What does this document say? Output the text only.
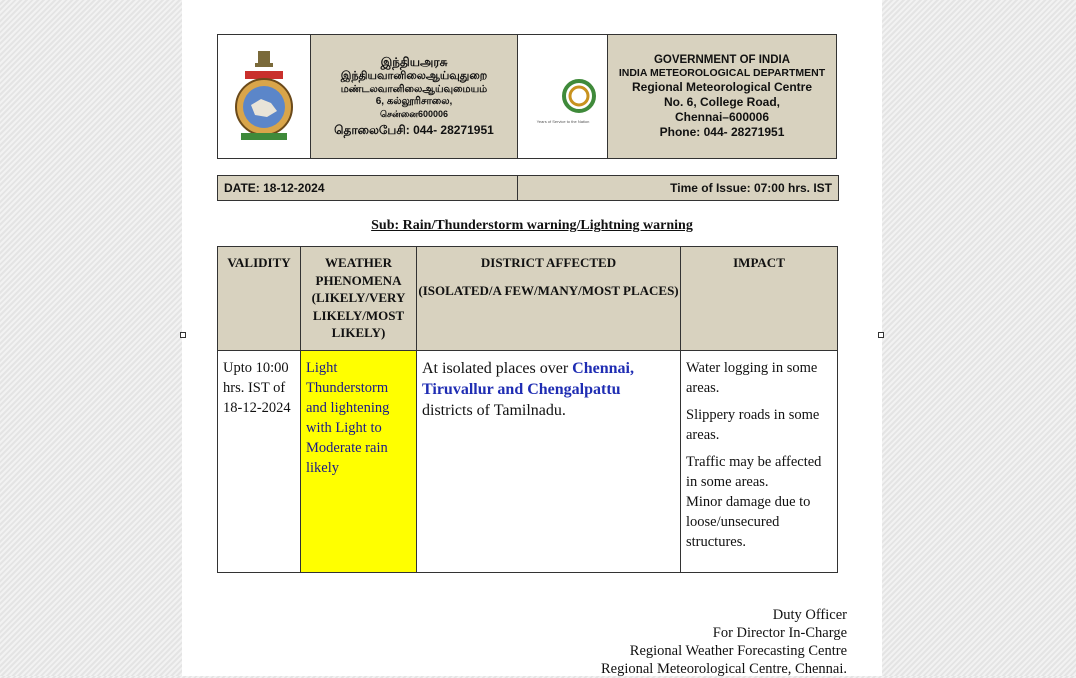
இந்தியஅரசு
இந்தியவானிலைஆய்வுதுறை
மண்டலவானிலைஆய்வுமையம்
6, கல்லூரிசாலை,
சென்னை600006
தொலைபேசி: 044- 28271951
Years of Service to the Nation
GOVERNMENT OF INDIA
INDIA METEOROLOGICAL DEPARTMENT
Regional Meteorological Centre
No. 6, College Road,
Chennai–600006
Phone: 044- 28271951
DATE: 18-12-2024	Time of Issue: 07:00 hrs. IST
Sub: Rain/Thunderstorm warning/Lightning warning
VALIDITY	WEATHER PHENOMENA (LIKELY/VERY LIKELY/MOST LIKELY)	DISTRICT AFFECTED
(ISOLATED/A FEW/MANY/MOST PLACES)	IMPACT
Upto 10:00 hrs. IST of 18-12-2024	Light Thunderstorm and lightening with Light to Moderate rain likely	At isolated places over Chennai, Tiruvallur and Chengalpattu districts of Tamilnadu.	Water logging in some areas.

Slippery roads in some areas.

Traffic may be affected in some areas.

Minor damage due to loose/unsecured structures.

Duty Officer
For Director In-Charge
Regional Weather Forecasting Centre
Regional Meteorological Centre, Chennai.
